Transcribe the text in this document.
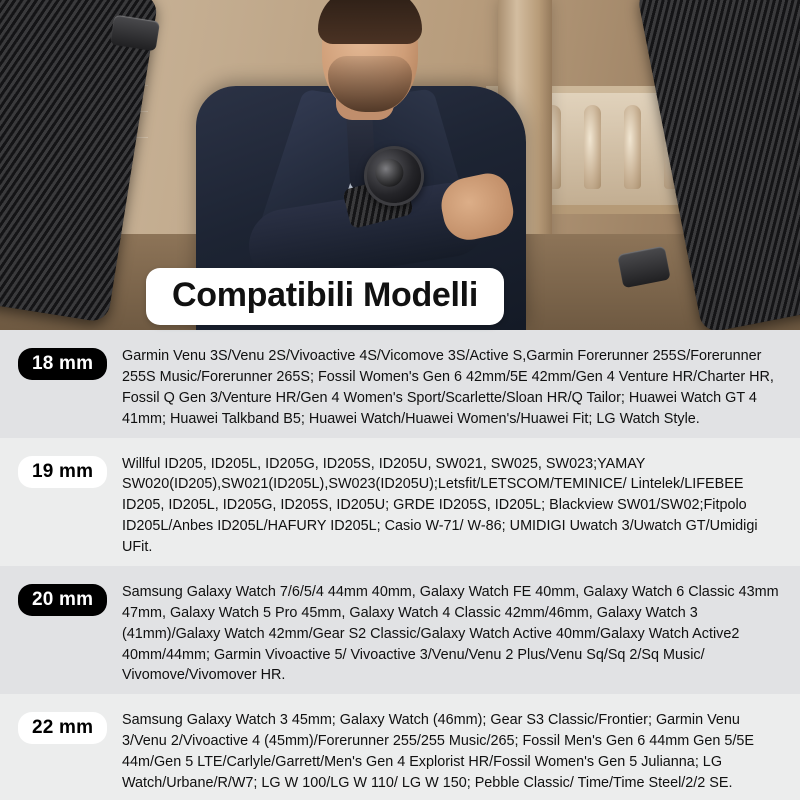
Compatibili Modelli
18 mm	Garmin Venu 3S/Venu 2S/Vivoactive 4S/Vicomove 3S/Active S,Garmin Forerunner 255S/Forerunner 255S Music/Forerunner 265S; Fossil Women's Gen 6 42mm/5E 42mm/Gen 4 Venture HR/Charter HR, Fossil Q Gen 3/Venture HR/Gen 4 Women's Sport/Scarlette/Sloan HR/Q Tailor; Huawei Watch GT 4 41mm; Huawei Talkband B5; Huawei Watch/Huawei Women's/Huawei Fit; LG Watch Style.
19 mm	Willful ID205, ID205L, ID205G, ID205S, ID205U, SW021, SW025, SW023;YAMAY SW020(ID205),SW021(ID205L),SW023(ID205U);Letsfit/LETSCOM/TEMINICE/ Lintelek/LIFEBEE ID205, ID205L, ID205G, ID205S, ID205U; GRDE ID205S, ID205L; Blackview SW01/SW02;Fitpolo ID205L/Anbes ID205L/HAFURY ID205L; Casio W-71/ W-86; UMIDIGI Uwatch 3/Uwatch GT/Umidigi UFit.
20 mm	Samsung Galaxy Watch 7/6/5/4 44mm 40mm, Galaxy Watch FE 40mm, Galaxy Watch 6 Classic 43mm 47mm, Galaxy Watch 5 Pro 45mm, Galaxy Watch 4 Classic 42mm/46mm, Galaxy Watch 3 (41mm)/Galaxy Watch 42mm/Gear S2 Classic/Galaxy Watch Active 40mm/Galaxy Watch Active2 40mm/44mm; Garmin Vivoactive 5/ Vivoactive 3/Venu/Venu 2 Plus/Venu Sq/Sq 2/Sq Music/ Vivomove/Vivomover HR.
22 mm	Samsung Galaxy Watch 3 45mm; Galaxy Watch (46mm); Gear S3 Classic/Frontier; Garmin Venu 3/Venu 2/Vivoactive 4 (45mm)/Forerunner 255/255 Music/265; Fossil Men's Gen 6 44mm Gen 5/5E 44m/Gen 5 LTE/Carlyle/Garrett/Men's Gen 4 Explorist HR/Fossil Women's Gen 5 Julianna; LG Watch/Urbane/R/W7; LG W 100/LG W 110/ LG W 150; Pebble Classic/ Time/Time Steel/2/2 SE.
